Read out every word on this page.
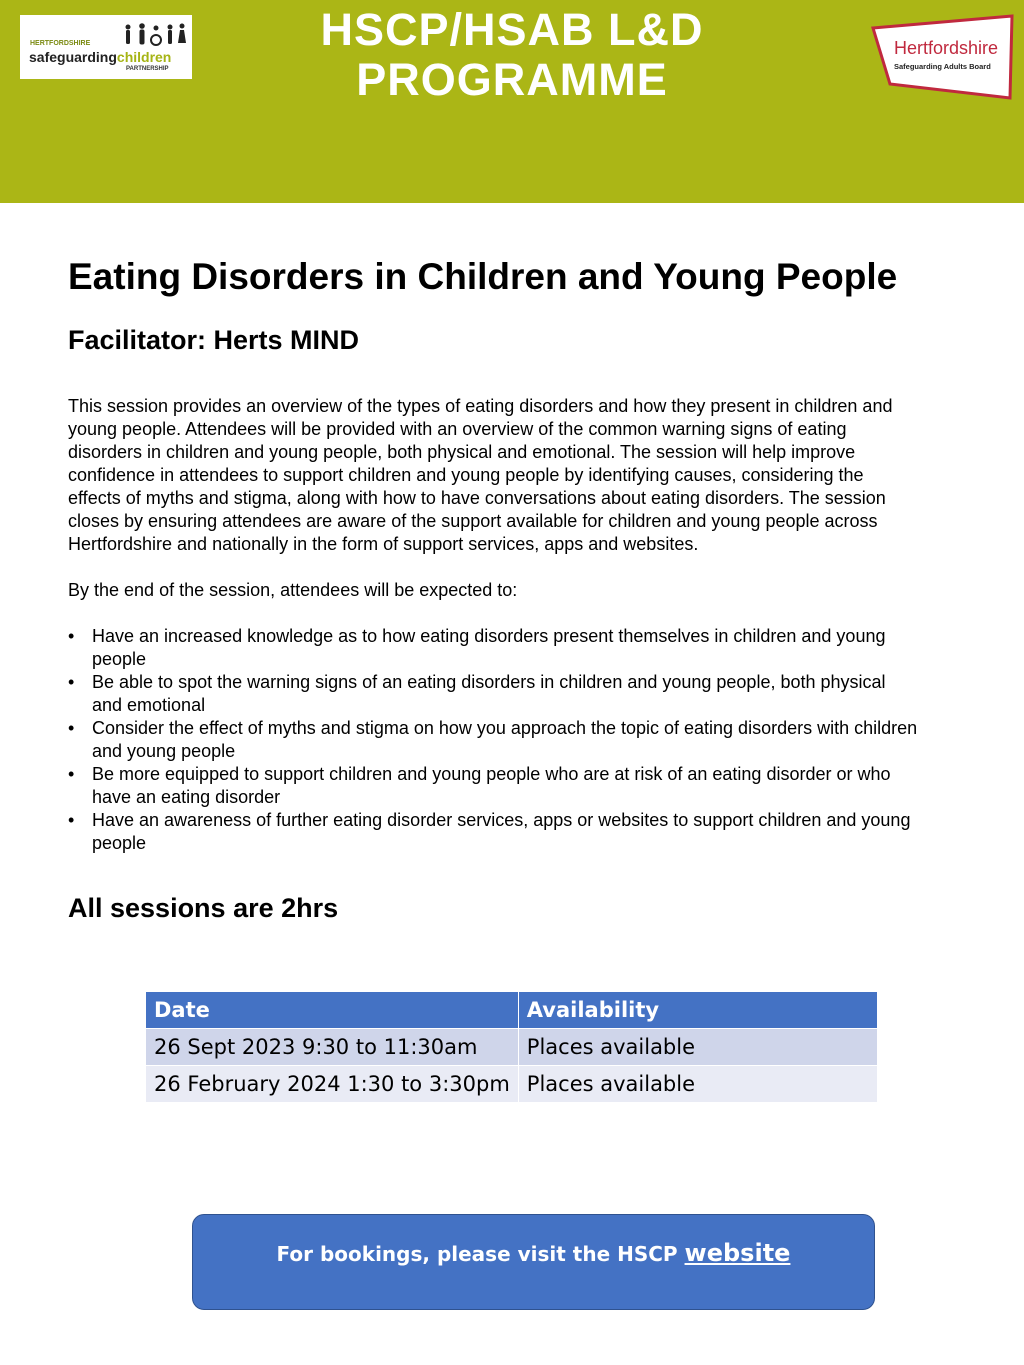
HERTFORDSHIRE
safeguardingchildren
PARTNERSHIP
HSCP/HSAB L&D
PROGRAMME
Hertfordshire
Safeguarding Adults Board
Eating Disorders in Children and Young People
Facilitator: Herts MIND

This session provides an overview of the types of eating disorders and how they present in children and
young people. Attendees will be provided with an overview of the common warning signs of eating
disorders in children and young people, both physical and emotional. The session will help improve
confidence in attendees to support children and young people by identifying causes, considering the
effects of myths and stigma, along with how to have conversations about eating disorders. The session
closes by ensuring attendees are aware of the support available for children and young people across
Hertfordshire and nationally in the form of support services, apps and websites.

By the end of the session, attendees will be expected to:

• Have an increased knowledge as to how eating disorders present themselves in children and young
people
• Be able to spot the warning signs of an eating disorders in children and young people, both physical
and emotional
• Consider the effect of myths and stigma on how you approach the topic of eating disorders with children
and young people
• Be more equipped to support children and young people who are at risk of an eating disorder or who
have an eating disorder
• Have an awareness of further eating disorder services, apps or websites to support children and young
people
All sessions are 2hrs
Date	Availability
26 Sept 2023 9:30 to 11:30am	Places available
26 February 2024 1:30 to 3:30pm	Places available
For bookings, please visit the HSCP website
